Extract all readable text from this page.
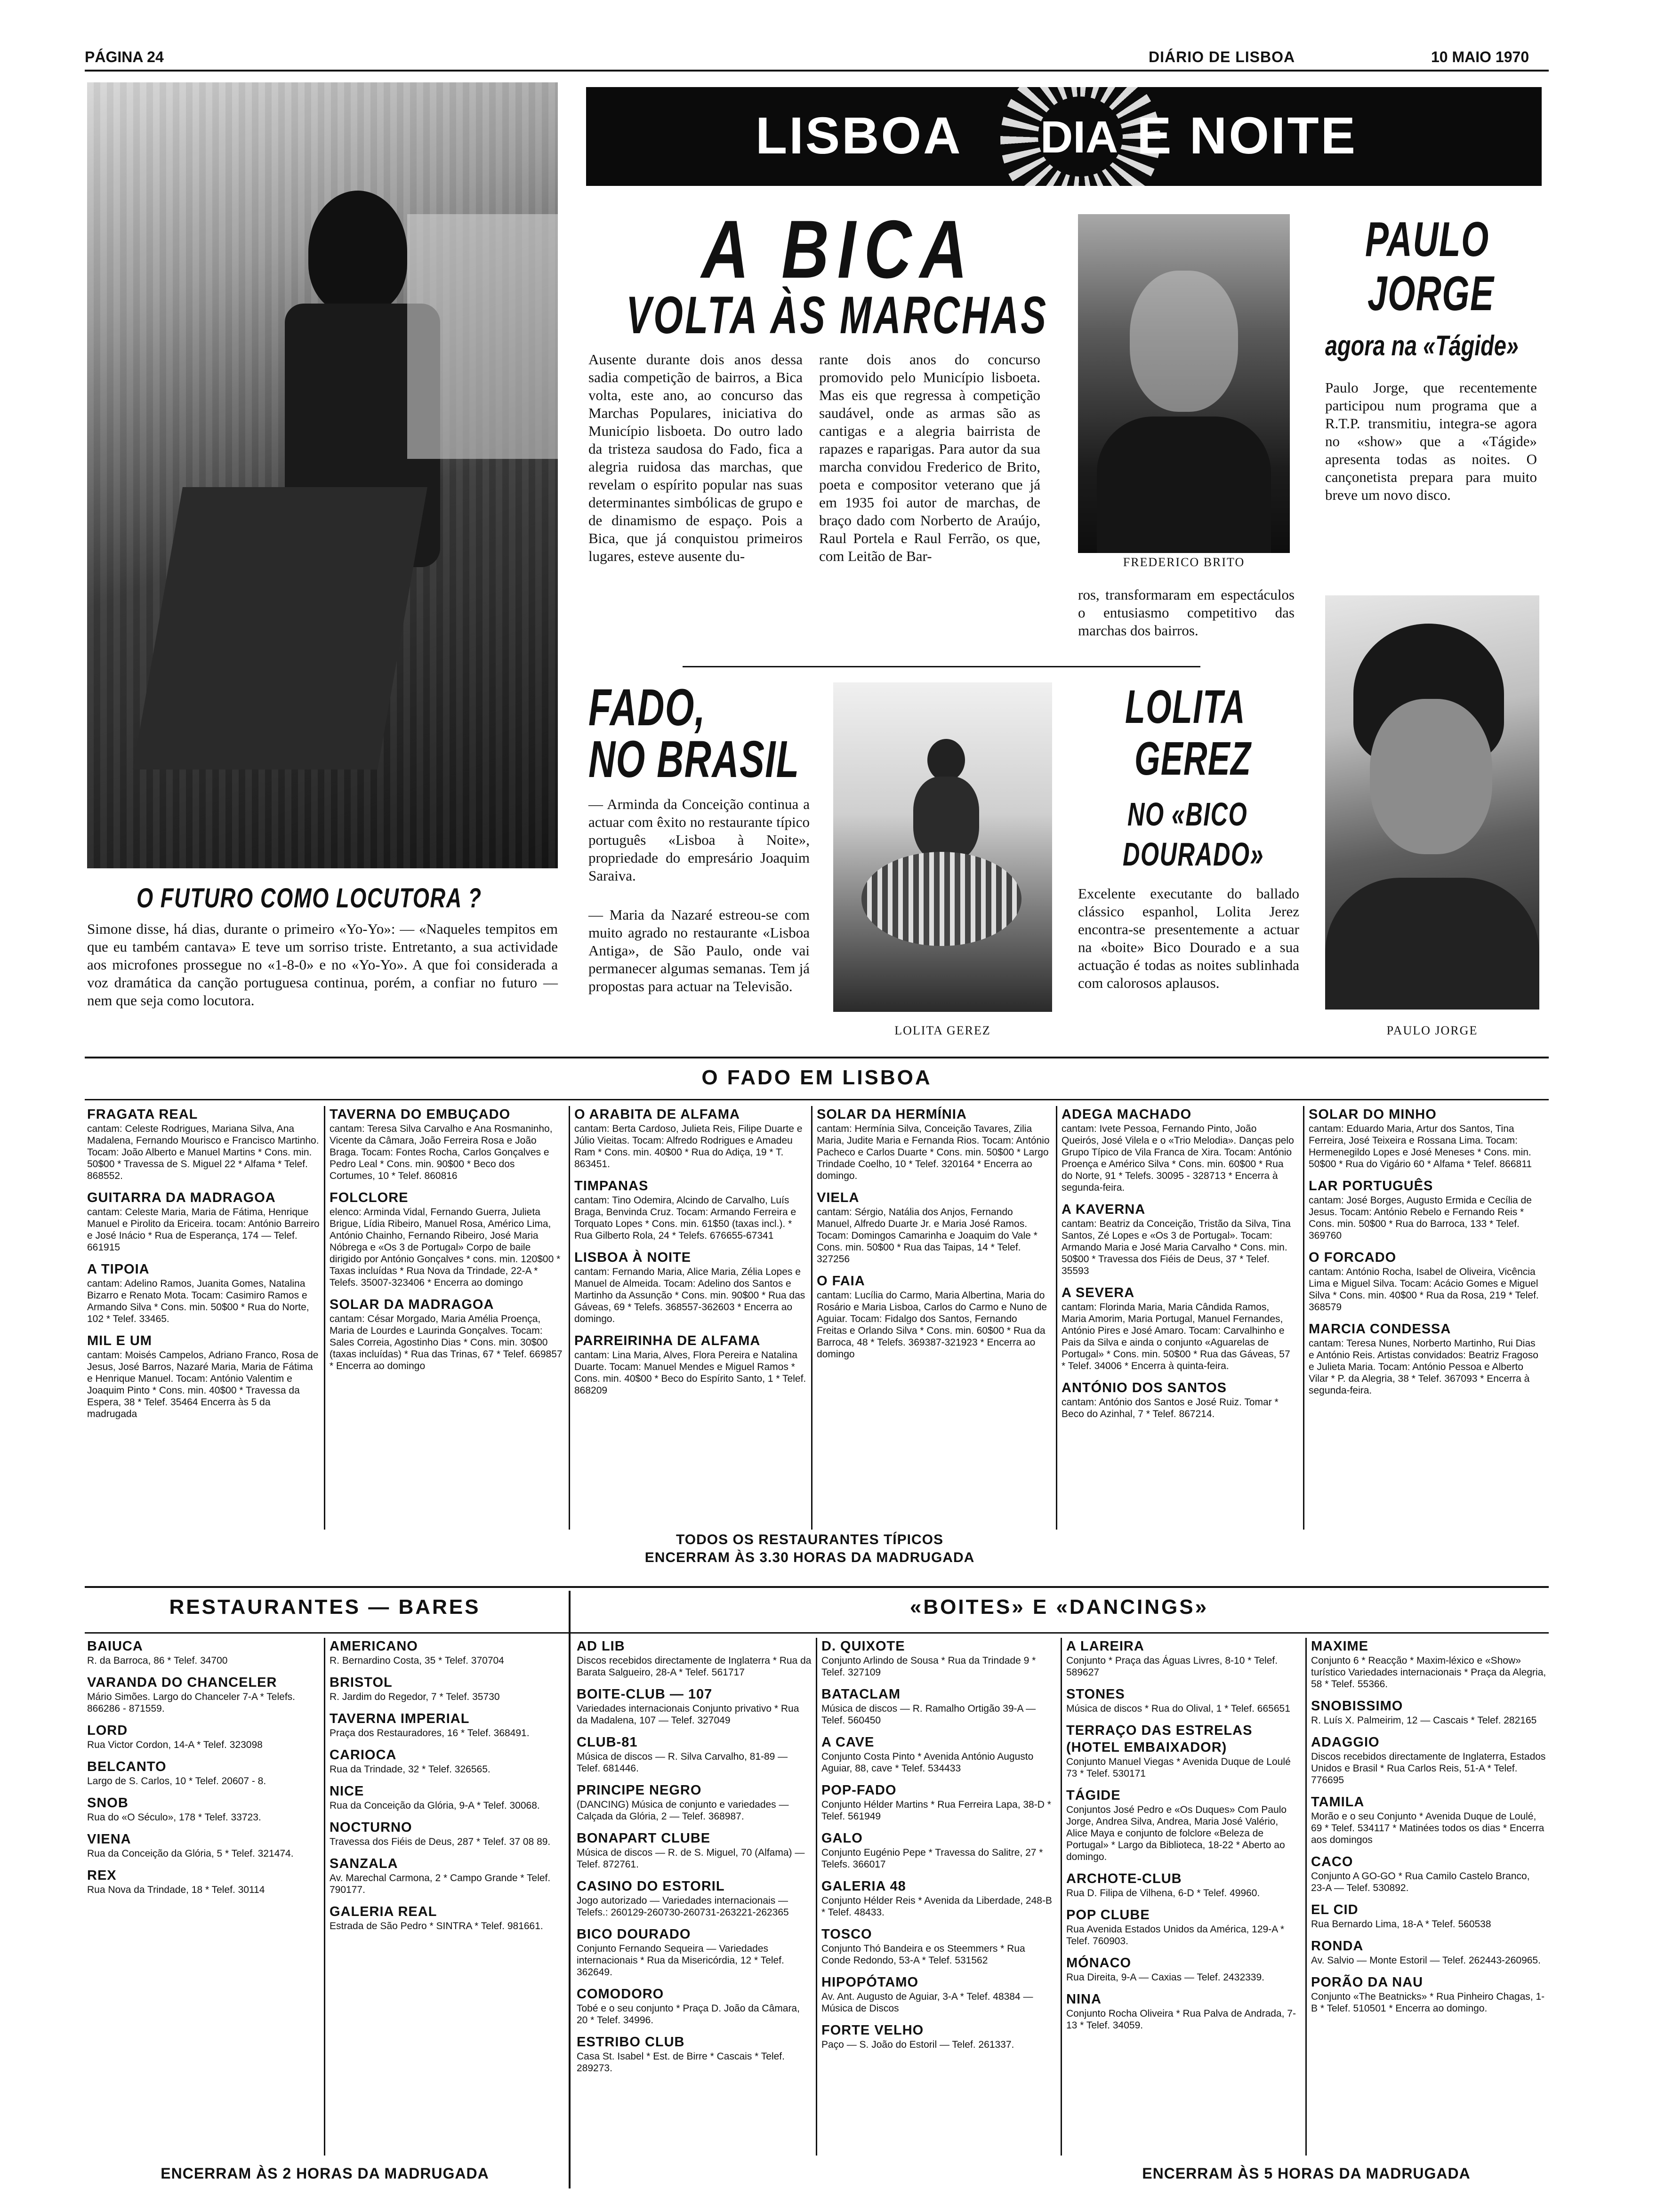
PÁGINA 24	DIÁRIO DE LISBOA	10 MAIO 1970
O FUTURO COMO LOCUTORA ?

Simone disse, há dias, durante o primeiro «Yo-Yo»: — «Naqueles tempitos em que eu também cantava» E teve um sorriso triste. Entretanto, a sua actividade aos microfones prossegue no «1-8-0» e no «Yo-Yo». A que foi considerada a voz dramática da canção portuguesa continua, porém, a confiar no futuro — nem que seja como locutora.

LISBOA DIA E NOITE
A BICA
VOLTA ÀS MARCHAS

Ausente durante dois anos dessa sadia competição de bairros, a Bica volta, este ano, ao concurso das Marchas Populares, iniciativa do Município lisboeta. Do outro lado da tristeza saudosa do Fado, fica a alegria ruidosa das marchas, que revelam o espírito popular nas suas determinantes simbólicas de grupo e de dinamismo de espaço. Pois a Bica, que já conquistou primeiros lugares, esteve ausente du-

rante dois anos do concurso promovido pelo Município lisboeta. Mas eis que regressa à competição saudável, onde as armas são as cantigas e a alegria bairrista de rapazes e raparigas. Para autor da sua marcha convidou Frederico de Brito, poeta e compositor veterano que já em 1935 foi autor de marchas, de braço dado com Norberto de Araújo, Raul Portela e Raul Ferrão, os que, com Leitão de Bar-	FREDERICO BRITO

ros, transformaram em espectáculos o entusiasmo competitivo das marchas dos bairros.

PAULO
JORGE
agora na «Tágide»

Paulo Jorge, que recentemente participou num programa que a R.T.P. transmitiu, integra-se agora no «show» que a «Tágide» apresenta todas as noites. O cançonetista prepara para muito breve um novo disco.

PAULO JORGE
FADO,
NO BRASIL

— Arminda da Conceição continua a actuar com êxito no restaurante típico português «Lisboa à Noite», propriedade do empresário Joaquim Saraiva.

— Maria da Nazaré estreou-se com muito agrado no restaurante «Lisboa Antiga», de São Paulo, onde vai permanecer algumas semanas. Tem já propostas para actuar na Televisão.

LOLITA GEREZ
LOLITA
GEREZ
NO «BICO
DOURADO»

Excelente executante do ballado clássico espanhol, Lolita Jerez encontra-se presentemente a actuar na «boite» Bico Dourado e a sua actuação é todas as noites sublinhada com calorosos aplausos.

O FADO EM LISBOA
FRAGATA REAL
cantam: Celeste Rodrigues, Mariana Silva, Ana Madalena, Fernando Mourisco e Francisco Martinho. Tocam: João Alberto e Manuel Martins * Cons. min. 50$00 * Travessa de S. Miguel 22 * Alfama * Telef. 868552.
GUITARRA DA MADRAGOA
cantam: Celeste Maria, Maria de Fátima, Henrique Manuel e Pirolito da Ericeira. tocam: António Barreiro e José Inácio * Rua de Esperança, 174 — Telef. 661915
A TIPOIA
cantam: Adelino Ramos, Juanita Gomes, Natalina Bizarro e Renato Mota. Tocam: Casimiro Ramos e Armando Silva * Cons. min. 50$00 * Rua do Norte, 102 * Telef. 33465.
MIL E UM
cantam: Moisés Campelos, Adriano Franco, Rosa de Jesus, José Barros, Nazaré Maria, Maria de Fátima e Henrique Manuel. Tocam: António Valentim e Joaquim Pinto * Cons. min. 40$00 * Travessa da Espera, 38 * Telef. 35464 Encerra às 5 da madrugada
TAVERNA DO EMBUÇADO
cantam: Teresa Silva Carvalho e Ana Rosmaninho, Vicente da Câmara, João Ferreira Rosa e João Braga. Tocam: Fontes Rocha, Carlos Gonçalves e Pedro Leal * Cons. min. 90$00 * Beco dos Cortumes, 10 * Telef. 860816
FOLCLORE
elenco: Arminda Vidal, Fernando Guerra, Julieta Brigue, Lídia Ribeiro, Manuel Rosa, Américo Lima, António Chainho, Fernando Ribeiro, José Maria Nóbrega e «Os 3 de Portugal» Corpo de baile dirigido por António Gonçalves * cons. min. 120$00 * Taxas incluídas * Rua Nova da Trindade, 22-A * Telefs. 35007-323406 * Encerra ao domingo
SOLAR DA MADRAGOA
cantam: César Morgado, Maria Amélia Proença, Maria de Lourdes e Laurinda Gonçalves. Tocam: Sales Correia, Agostinho Dias * Cons. min. 30$00 (taxas incluídas) * Rua das Trinas, 67 * Telef. 669857 * Encerra ao domingo
O ARABITA DE ALFAMA
cantam: Berta Cardoso, Julieta Reis, Filipe Duarte e Júlio Vieitas. Tocam: Alfredo Rodrigues e Amadeu Ram * Cons. min. 40$00 * Rua do Adiça, 19 * T. 863451.
TIMPANAS
cantam: Tino Odemira, Alcindo de Carvalho, Luís Braga, Benvinda Cruz. Tocam: Armando Ferreira e Torquato Lopes * Cons. min. 61$50 (taxas incl.). * Rua Gilberto Rola, 24 * Telefs. 676655-67341
LISBOA À NOITE
cantam: Fernando Maria, Alice Maria, Zélia Lopes e Manuel de Almeida. Tocam: Adelino dos Santos e Martinho da Assunção * Cons. min. 90$00 * Rua das Gáveas, 69 * Telefs. 368557-362603 * Encerra ao domingo.
PARREIRINHA DE ALFAMA
cantam: Lina Maria, Alves, Flora Pereira e Natalina Duarte. Tocam: Manuel Mendes e Miguel Ramos * Cons. min. 40$00 * Beco do Espírito Santo, 1 * Telef. 868209
SOLAR DA HERMÍNIA
cantam: Hermínia Silva, Conceição Tavares, Zilia Maria, Judite Maria e Fernanda Rios. Tocam: António Pacheco e Carlos Duarte * Cons. min. 50$00 * Largo Trindade Coelho, 10 * Telef. 320164 * Encerra ao domingo.
VIELA
cantam: Sérgio, Natália dos Anjos, Fernando Manuel, Alfredo Duarte Jr. e Maria José Ramos. Tocam: Domingos Camarinha e Joaquim do Vale * Cons. min. 50$00 * Rua das Taipas, 14 * Telef. 327256
O FAIA
cantam: Lucília do Carmo, Maria Albertina, Maria do Rosário e Maria Lisboa, Carlos do Carmo e Nuno de Aguiar. Tocam: Fidalgo dos Santos, Fernando Freitas e Orlando Silva * Cons. min. 60$00 * Rua da Barroca, 48 * Telefs. 369387-321923 * Encerra ao domingo
ADEGA MACHADO
cantam: Ivete Pessoa, Fernando Pinto, João Queirós, José Vilela e o «Trio Melodia». Danças pelo Grupo Típico de Vila Franca de Xira. Tocam: António Proença e Américo Silva * Cons. min. 60$00 * Rua do Norte, 91 * Telefs. 30095 - 328713 * Encerra à segunda-feira.
A KAVERNA
cantam: Beatriz da Conceição, Tristão da Silva, Tina Santos, Zé Lopes e «Os 3 de Portugal». Tocam: Armando Maria e José Maria Carvalho * Cons. min. 50$00 * Travessa dos Fiéis de Deus, 37 * Telef. 35593
A SEVERA
cantam: Florinda Maria, Maria Cândida Ramos, Maria Amorim, Maria Portugal, Manuel Fernandes, António Pires e José Amaro. Tocam: Carvalhinho e Pais da Silva e ainda o conjunto «Aguarelas de Portugal» * Cons. min. 50$00 * Rua das Gáveas, 57 * Telef. 34006 * Encerra à quinta-feira.
ANTÓNIO DOS SANTOS
cantam: António dos Santos e José Ruiz. Tomar * Beco do Azinhal, 7 * Telef. 867214.
SOLAR DO MINHO
cantam: Eduardo Maria, Artur dos Santos, Tina Ferreira, José Teixeira e Rossana Lima. Tocam: Hermenegildo Lopes e José Meneses * Cons. min. 50$00 * Rua do Vigário 60 * Alfama * Telef. 866811
LAR PORTUGUÊS
cantam: José Borges, Augusto Ermida e Cecília de Jesus. Tocam: António Rebelo e Fernando Reis * Cons. min. 50$00 * Rua do Barroca, 133 * Telef. 369760
O FORCADO
cantam: António Rocha, Isabel de Oliveira, Vicência Lima e Miguel Silva. Tocam: Acácio Gomes e Miguel Silva * Cons. min. 40$00 * Rua da Rosa, 219 * Telef. 368579
MARCIA CONDESSA
cantam: Teresa Nunes, Norberto Martinho, Rui Dias e António Reis. Artistas convidados: Beatriz Fragoso e Julieta Maria. Tocam: António Pessoa e Alberto Vilar * P. da Alegria, 38 * Telef. 367093 * Encerra à segunda-feira.
TODOS OS RESTAURANTES TÍPICOS
ENCERRAM ÀS 3.30 HORAS DA MADRUGADA
RESTAURANTES — BARES	«BOITES» E «DANCINGS»
BAIUCA
R. da Barroca, 86 * Telef. 34700
VARANDA DO CHANCELER
Mário Simões. Largo do Chanceler 7-A * Telefs. 866286 - 871559.
LORD
Rua Victor Cordon, 14-A * Telef. 323098
BELCANTO
Largo de S. Carlos, 10 * Telef. 20607 - 8.
SNOB
Rua do «O Século», 178 * Telef. 33723.
VIENA
Rua da Conceição da Glória, 5 * Telef. 321474.
REX
Rua Nova da Trindade, 18 * Telef. 30114
AMERICANO
R. Bernardino Costa, 35 * Telef. 370704
BRISTOL
R. Jardim do Regedor, 7 * Telef. 35730
TAVERNA IMPERIAL
Praça dos Restauradores, 16 * Telef. 368491.
CARIOCA
Rua da Trindade, 32 * Telef. 326565.
NICE
Rua da Conceição da Glória, 9-A * Telef. 30068.
NOCTURNO
Travessa dos Fiéis de Deus, 287 * Telef. 37 08 89.
SANZALA
Av. Marechal Carmona, 2 * Campo Grande * Telef. 790177.
GALERIA REAL
Estrada de São Pedro * SINTRA * Telef. 981661.
AD LIB
Discos recebidos directamente de Inglaterra * Rua da Barata Salgueiro, 28-A * Telef. 561717
BOITE-CLUB — 107
Variedades internacionais Conjunto privativo * Rua da Madalena, 107 — Telef. 327049
CLUB-81
Música de discos — R. Silva Carvalho, 81-89 — Telef. 681446.
PRINCIPE NEGRO
(DANCING) Música de conjunto e variedades — Calçada da Glória, 2 — Telef. 368987.
BONAPART CLUBE
Música de discos — R. de S. Miguel, 70 (Alfama) — Telef. 872761.
CASINO DO ESTORIL
Jogo autorizado — Variedades internacionais — Telefs.: 260129-260730-260731-263221-262365
BICO DOURADO
Conjunto Fernando Sequeira — Variedades internacionais * Rua da Misericórdia, 12 * Telef. 362649.
COMODORO
Tobé e o seu conjunto * Praça D. João da Câmara, 20 * Telef. 34996.
ESTRIBO CLUB
Casa St. Isabel * Est. de Birre * Cascais * Telef. 289273.
D. QUIXOTE
Conjunto Arlindo de Sousa * Rua da Trindade 9 * Telef. 327109
BATACLAM
Música de discos — R. Ramalho Ortigão 39-A — Telef. 560450
A CAVE
Conjunto Costa Pinto * Avenida António Augusto Aguiar, 88, cave * Telef. 534433
POP-FADO
Conjunto Hélder Martins * Rua Ferreira Lapa, 38-D * Telef. 561949
GALO
Conjunto Eugénio Pepe * Travessa do Salitre, 27 * Telefs. 366017
GALERIA 48
Conjunto Hélder Reis * Avenida da Liberdade, 248-B * Telef. 48433.
TOSCO
Conjunto Thó Bandeira e os Steemmers * Rua Conde Redondo, 53-A * Telef. 531562
HIPOPÓTAMO
Av. Ant. Augusto de Aguiar, 3-A * Telef. 48384 — Música de Discos
FORTE VELHO
Paço — S. João do Estoril — Telef. 261337.
A LAREIRA
Conjunto * Praça das Águas Livres, 8-10 * Telef. 589627
STONES
Música de discos * Rua do Olival, 1 * Telef. 665651
TERRAÇO DAS ESTRELAS (HOTEL EMBAIXADOR)
Conjunto Manuel Viegas * Avenida Duque de Loulé 73 * Telef. 530171
TÁGIDE
Conjuntos José Pedro e «Os Duques» Com Paulo Jorge, Andrea Silva, Andrea, Maria José Valério, Alice Maya e conjunto de folclore «Beleza de Portugal» * Largo da Biblioteca, 18-22 * Aberto ao domingo.
ARCHOTE-CLUB
Rua D. Filipa de Vilhena, 6-D * Telef. 49960.
POP CLUBE
Rua Avenida Estados Unidos da América, 129-A * Telef. 760903.
MÓNACO
Rua Direita, 9-A — Caxias — Telef. 2432339.
NINA
Conjunto Rocha Oliveira * Rua Palva de Andrada, 7-13 * Telef. 34059.
MAXIME
Conjunto 6 * Reacção * Maxim-léxico e «Show» turístico Variedades internacionais * Praça da Alegria, 58 * Telef. 55366.
SNOBISSIMO
R. Luís X. Palmeirim, 12 — Cascais * Telef. 282165
ADAGGIO
Discos recebidos directamente de Inglaterra, Estados Unidos e Brasil * Rua Carlos Reis, 51-A * Telef. 776695
TAMILA
Morão e o seu Conjunto * Avenida Duque de Loulé, 69 * Telef. 534117 * Matinées todos os dias * Encerra aos domingos
CACO
Conjunto A GO-GO * Rua Camilo Castelo Branco, 23-A — Telef. 530892.
EL CID
Rua Bernardo Lima, 18-A * Telef. 560538
RONDA
Av. Salvio — Monte Estoril — Telef. 262443-260965.
PORÃO DA NAU
Conjunto «The Beatnicks» * Rua Pinheiro Chagas, 1-B * Telef. 510501 * Encerra ao domingo.
ENCERRAM ÀS 2 HORAS DA MADRUGADA	ENCERRAM ÀS 5 HORAS DA MADRUGADA
